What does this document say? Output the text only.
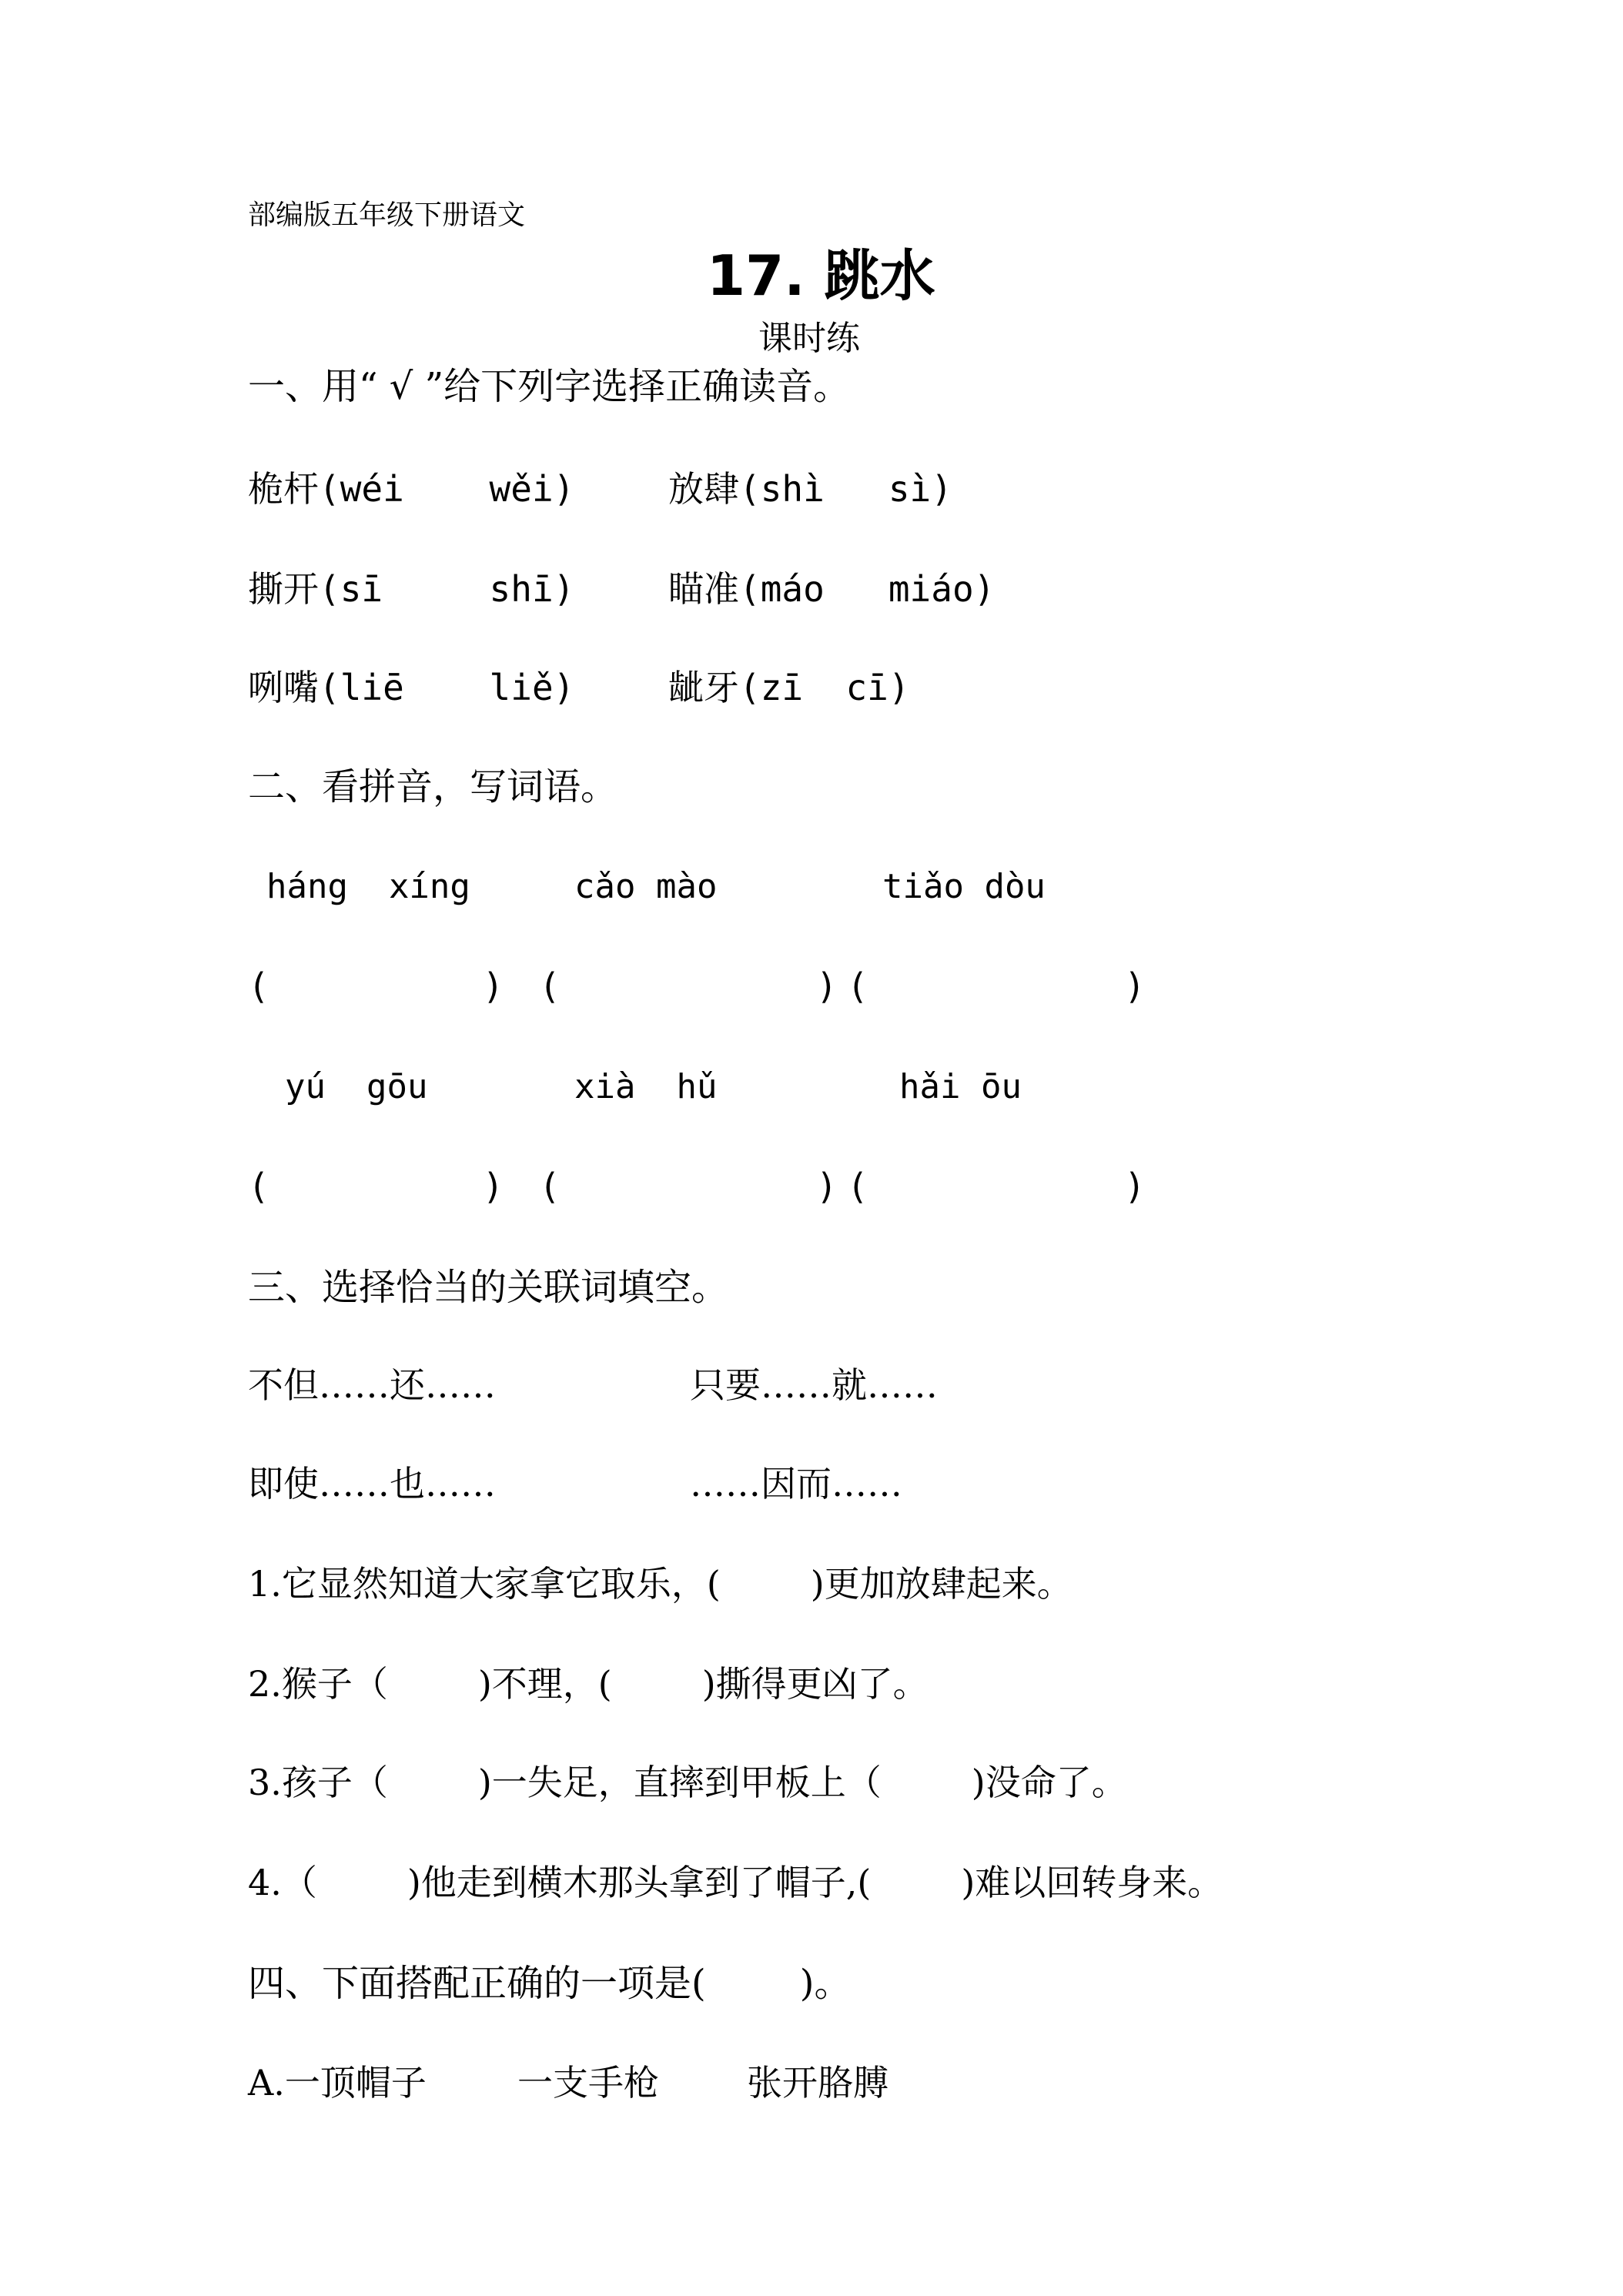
部编版五年级下册语文
17. 跳水
课时练
一、用“ √ ”给下列字选择正确读音。
桅杆(wéi    wěi)	放肆(shì   sì)
撕开(sī     shī)	瞄准(máo   miáo)
咧嘴(liē    liě)	龇牙(zī  cī)
二、看拼音，写词语。
háng  xíng	cǎo mào	tiǎo dòu
(          ) (            ) (            )
yú  gōu	xià  hǔ	hǎi ōu
(          ) (            ) (            )
三、选择恰当的关联词填空。
不但……还……	只要……就……
即使……也……	……因而……
1.它显然知道大家拿它取乐，(        )更加放肆起来。
2.猴子（        )不理，(        )撕得更凶了。
3.孩子（        )一失足，直摔到甲板上（        )没命了。
4.（        )他走到横木那头拿到了帽子,(        )难以回转身来。
四、下面搭配正确的一项是(        )。
A.一顶帽子	一支手枪 张开胳膊
